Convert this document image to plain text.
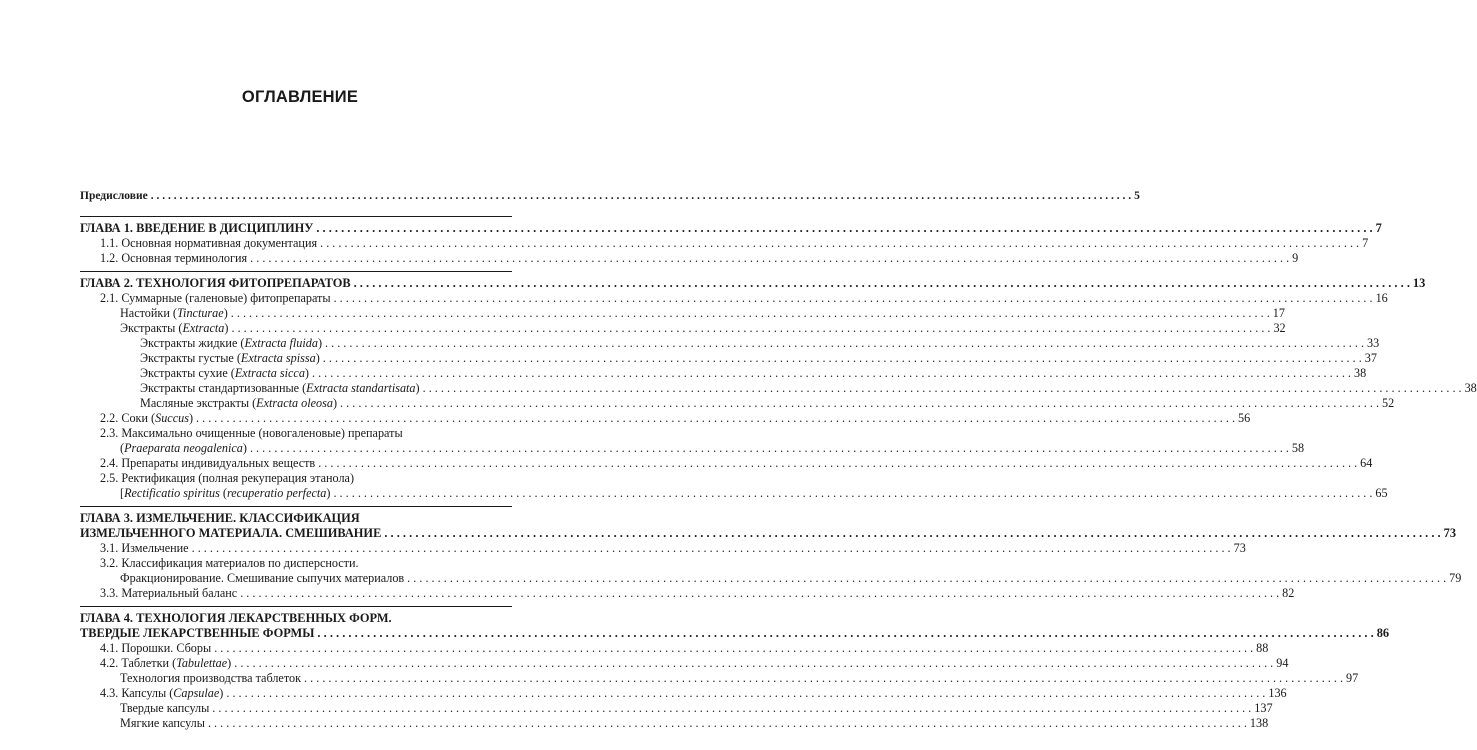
ОГЛАВЛЕНИЕ
Предисловие . . .	5
ГЛАВА 1. ВВЕДЕНИЕ В ДИСЦИПЛИНУ . . .	7
1.1. Основная нормативная документация . . .	7
1.2. Основная терминология . . .	9
ГЛАВА 2. ТЕХНОЛОГИЯ ФИТОПРЕПАРАТОВ . . .	13
2.1. Суммарные (галеновые) фитопрепараты . . .	16
Настойки (Tincturae) . . .	17
Экстракты (Extracta) . . .	32
Экстракты жидкие (Extracta fluida) . . .	33
Экстракты густые (Extracta spissa) . . .	37
Экстракты сухие (Extracta sicca) . . .	38
Экстракты стандартизованные (Extracta standartisata) . . .	38
Масляные экстракты (Extracta oleosa) . . .	52
2.2. Соки (Succus) . . .	56
2.3. Максимально очищенные (новогаленовые) препараты
(Praeparata neogalenica) . . .	58
2.4. Препараты индивидуальных веществ . . .	64
2.5. Ректификация (полная рекуперация этанола)
[Rectificatio spiritus (recuperatio perfecta) . . .	65
ГЛАВА 3. ИЗМЕЛЬЧЕНИЕ. КЛАССИФИКАЦИЯ
ИЗМЕЛЬЧЕННОГО МАТЕРИАЛА. СМЕШИВАНИЕ . . .	73
3.1. Измельчение . . .	73
3.2. Классификация материалов по дисперсности.
Фракционирование. Смешивание сыпучих материалов . . .	79
3.3. Материальный баланс . . .	82
ГЛАВА 4. ТЕХНОЛОГИЯ ЛЕКАРСТВЕННЫХ ФОРМ.
ТВЕРДЫЕ ЛЕКАРСТВЕННЫЕ ФОРМЫ . . .	86
4.1. Порошки. Сборы . . .	88
4.2. Таблетки (Tabulettae) . . .	94
Технология производства таблеток . . .	97
4.3. Капсулы (Capsulae) . . .	136
Твердые капсулы . . .	137
Мягкие капсулы . . .	138
